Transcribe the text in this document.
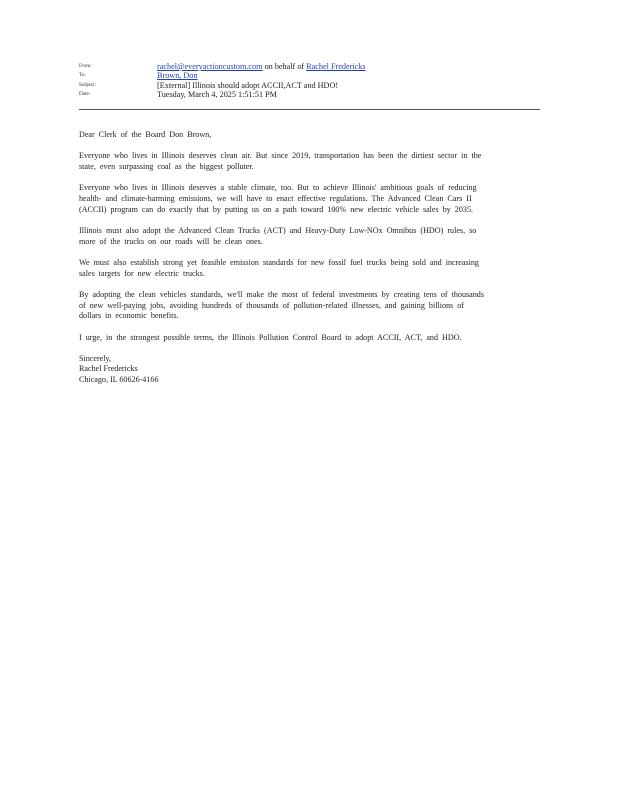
From:	rachel@everyactioncustom.com on behalf of Rachel Fredericks
To:	Brown, Don
Subject:	[External] Illinois should adopt ACCII,ACT and HDO!
Date:	Tuesday, March 4, 2025 1:51:51 PM

Dear Clerk of the Board Don Brown,

Everyone who lives in Illinois deserves clean air. But since 2019, transportation has been the dirtiest sector in the
state, even surpassing coal as the biggest polluter.

Everyone who lives in Illinois deserves a stable climate, too. But to achieve Illinois' ambitious goals of reducing
health- and climate-harming emissions, we will have to enact effective regulations. The Advanced Clean Cars II
(ACCII) program can do exactly that by putting us on a path toward 100% new electric vehicle sales by 2035.

Illinois must also adopt the Advanced Clean Trucks (ACT) and Heavy-Duty Low-NOx Omnibus (HDO) rules, so
more of the trucks on our roads will be clean ones.

We must also establish strong yet feasible emission standards for new fossil fuel trucks being sold and increasing
sales targets for new electric trucks.

By adopting the clean vehicles standards, we'll make the most of federal investments by creating tens of thousands
of new well-paying jobs, avoiding hundreds of thousands of pollution-related illnesses, and gaining billions of
dollars in economic benefits.

I urge, in the strongest possible terms, the Illinois Pollution Control Board to adopt ACCII, ACT, and HDO.

Sincerely,
Rachel Fredericks
Chicago, IL 60626-4166
